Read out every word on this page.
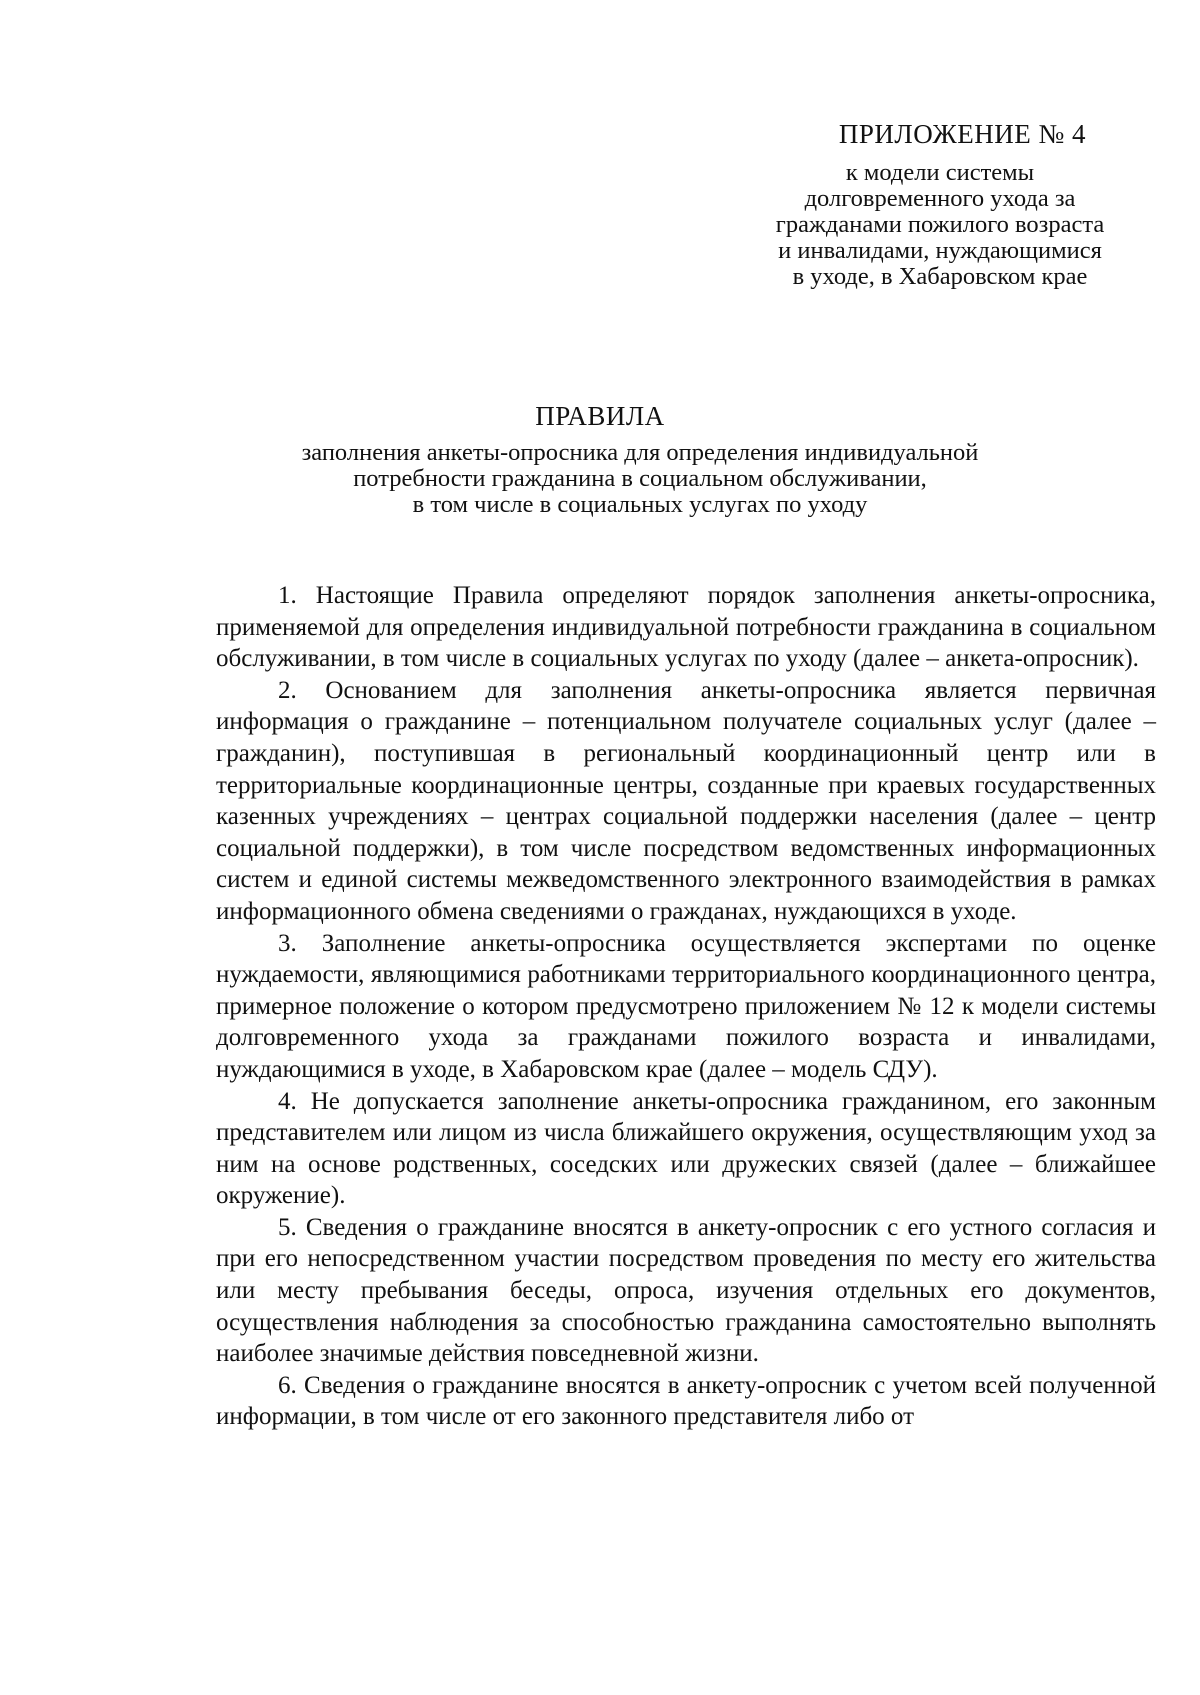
ПРИЛОЖЕНИЕ № 4
к модели системы
долговременного ухода за
гражданами пожилого возраста
и инвалидами, нуждающимися
в уходе, в Хабаровском крае
ПРАВИЛА
заполнения анкеты-опросника для определения индивидуальной
потребности гражданина в социальном обслуживании,
в том числе в социальных услугах по уходу

1. Настоящие Правила определяют порядок заполнения анкеты-опросника, применяемой для определения индивидуальной потребности гражданина в социальном обслуживании, в том числе в социальных услугах по уходу (далее – анкета-опросник).

2. Основанием для заполнения анкеты-опросника является первичная информация о гражданине – потенциальном получателе социальных услуг (далее – гражданин), поступившая в региональный координационный центр или в территориальные координационные центры, созданные при краевых государственных казенных учреждениях – центрах социальной поддержки населения (далее – центр социальной поддержки), в том числе посредством ведомственных информационных систем и единой системы межведомственного электронного взаимодействия в рамках информационного обмена сведениями о гражданах, нуждающихся в уходе.

3. Заполнение анкеты-опросника осуществляется экспертами по оценке нуждаемости, являющимися работниками территориального координационного центра, примерное положение о котором предусмотрено приложением № 12 к модели системы долговременного ухода за гражданами пожилого возраста и инвалидами, нуждающимися в уходе, в Хабаровском крае (далее – модель СДУ).

4. Не допускается заполнение анкеты-опросника гражданином, его законным представителем или лицом из числа ближайшего окружения, осуществляющим уход за ним на основе родственных, соседских или дружеских связей (далее – ближайшее окружение).

5. Сведения о гражданине вносятся в анкету-опросник с его устного согласия и при его непосредственном участии посредством проведения по месту его жительства или месту пребывания беседы, опроса, изучения отдельных его документов, осуществления наблюдения за способностью гражданина самостоятельно выполнять наиболее значимые действия повседневной жизни.

6. Сведения о гражданине вносятся в анкету-опросник с учетом всей полученной информации, в том числе от его законного представителя либо от
